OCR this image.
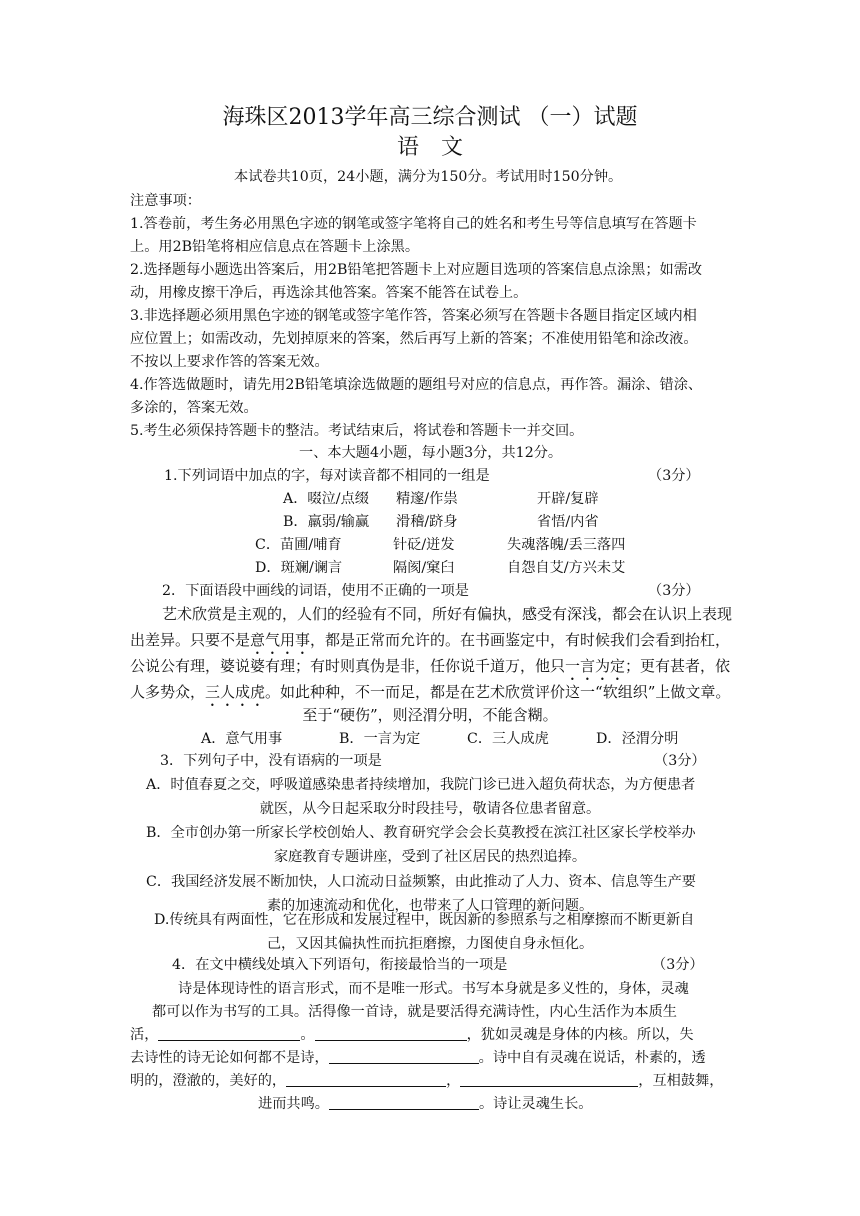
海珠区2013学年高三综合测试 （一）试题
语　文
本试卷共10页，24小题，满分为150分。考试用时150分钟。
注意事项：
1.答卷前，考生务必用黑色字迹的钢笔或签字笔将自己的姓名和考生号等信息填写在答题卡
上。用2B铅笔将相应信息点在答题卡上涂黑。
2.选择题每小题选出答案后，用2B铅笔把答题卡上对应题目选项的答案信息点涂黑；如需改
动，用橡皮擦干净后，再选涂其他答案。答案不能答在试卷上。
3.非选择题必须用黑色字迹的钢笔或签字笔作答，答案必须写在答题卡各题目指定区域内相
应位置上；如需改动，先划掉原来的答案，然后再写上新的答案；不准使用铅笔和涂改液。
不按以上要求作答的答案无效。
4.作答选做题时，请先用2B铅笔填涂选做题的题组号对应的信息点，再作答。漏涂、错涂、
多涂的，答案无效。
5.考生必须保持答题卡的整洁。考试结束后，将试卷和答题卡一并交回。
一、本大题4小题，每小题3分，共12分。
1.下列词语中加点的字，每对读音都不相同的一组是	（3分）
A．啜泣/点缀 精邃/作祟	开辟/复辟
B．羸弱/输赢 滑稽/跻身	省悟/内省
C．苗圃/哺育	针砭/迸发	失魂落魄/丢三落四
D．斑斓/谰言	隔阂/窠臼	自怨自艾/方兴未艾
2．下面语段中画线的词语，使用不正确的一项是	（3分）
艺术欣赏是主观的，人们的经验有不同，所好有偏执，感受有深浅，都会在认识上表现
出差异。只要不是意气用事，都是正常而允许的。在书画鉴定中，有时候我们会看到抬杠，
公说公有理，婆说婆有理；有时则真伪是非，任你说千道万，他只一言为定；更有甚者，依
人多势众，三人成虎。如此种种，不一而足，都是在艺术欣赏评价这一“软组织”上做文章。
至于“硬伤”，则泾渭分明，不能含糊。
A．意气用事	B．一言为定	C．三人成虎	D．泾渭分明
3．下列句子中，没有语病的一项是	（3分）
A．时值春夏之交，呼吸道感染患者持续增加，我院门诊已进入超负荷状态，为方便患者
就医，从今日起采取分时段挂号，敬请各位患者留意。
B．全市创办第一所家长学校创始人、教育研究学会会长莫教授在滨江社区家长学校举办
家庭教育专题讲座，受到了社区居民的热烈追捧。
C．我国经济发展不断加快，人口流动日益频繁，由此推动了人力、资本、信息等生产要
素的加速流动和优化，也带来了人口管理的新问题。
D.传统具有两面性，它在形成和发展过程中，既因新的参照系与之相摩擦而不断更新自
己，又因其偏执性而抗拒磨擦，力图使自身永恒化。
4．在文中横线处填入下列语句，衔接最恰当的一项是	（3分）
诗是体现诗性的语言形式，而不是唯一形式。书写本身就是多义性的，身体，灵魂
都可以作为书写的工具。活得像一首诗，就是要活得充满诗性，内心生活作为本质生
活，	。	，犹如灵魂是身体的内核。所以，失
去诗性的诗无论如何都不是诗，	。诗中自有灵魂在说话，朴素的，透
明的，澄澈的，美好的，	，	，互相鼓舞，
进而共鸣。	。诗让灵魂生长。
